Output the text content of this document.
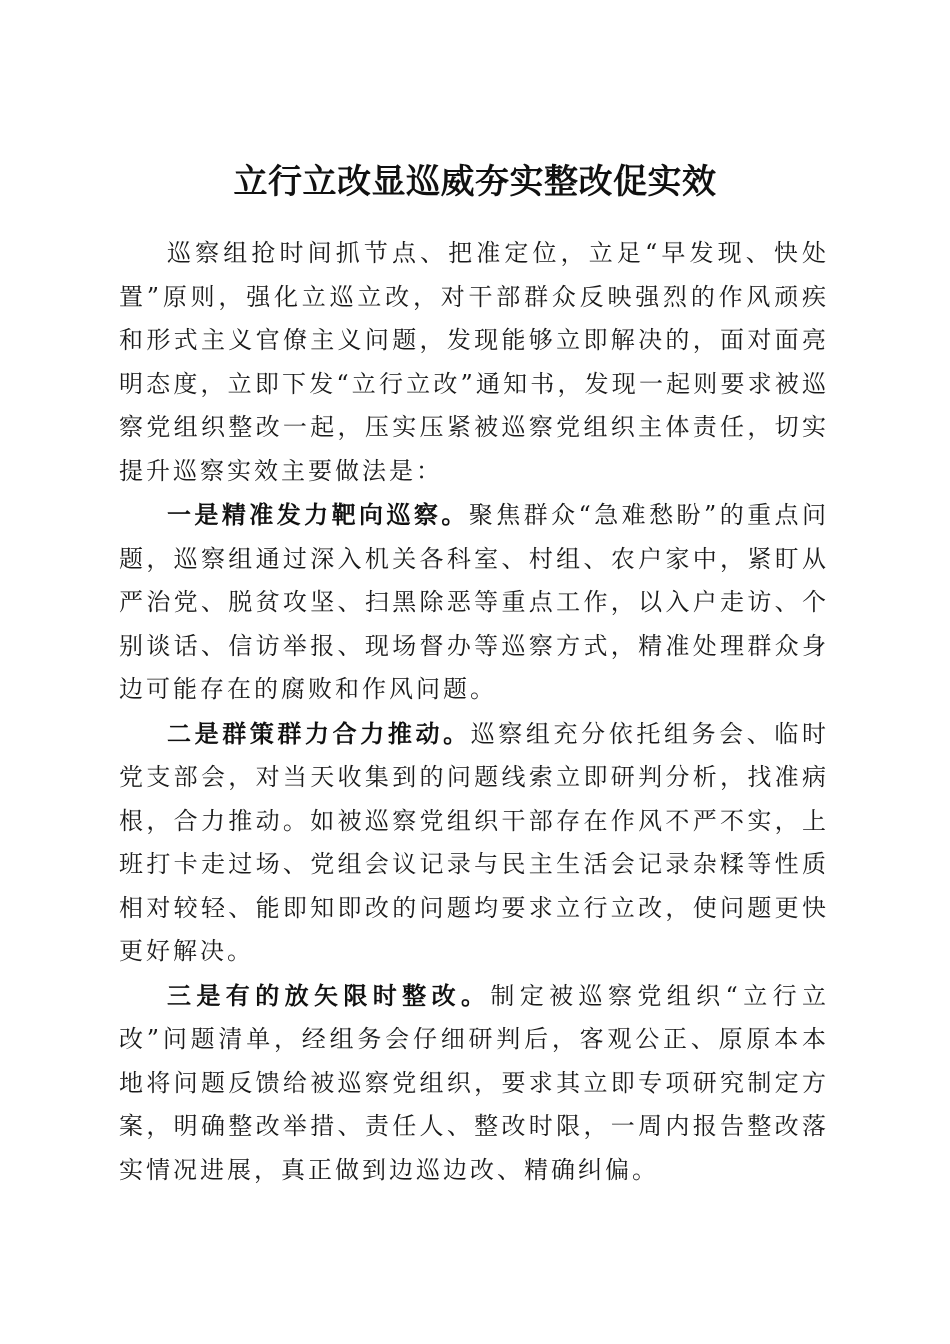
立行立改显巡威夯实整改促实效

巡察组抢时间抓节点、把准定位，立足“早发现、快处置”原则，强化立巡立改，对干部群众反映强烈的作风顽疾和形式主义官僚主义问题，发现能够立即解决的，面对面亮明态度，立即下发“立行立改”通知书，发现一起则要求被巡察党组织整改一起，压实压紧被巡察党组织主体责任，切实提升巡察实效主要做法是：

一是精准发力靶向巡察。聚焦群众“急难愁盼”的重点问题，巡察组通过深入机关各科室、村组、农户家中，紧盯从严治党、脱贫攻坚、扫黑除恶等重点工作，以入户走访、个别谈话、信访举报、现场督办等巡察方式，精准处理群众身边可能存在的腐败和作风问题。

二是群策群力合力推动。巡察组充分依托组务会、临时党支部会，对当天收集到的问题线索立即研判分析，找准病根，合力推动。如被巡察党组织干部存在作风不严不实，上班打卡走过场、党组会议记录与民主生活会记录杂糅等性质相对较轻、能即知即改的问题均要求立行立改，使问题更快更好解决。

三是有的放矢限时整改。制定被巡察党组织“立行立改”问题清单，经组务会仔细研判后，客观公正、原原本本地将问题反馈给被巡察党组织，要求其立即专项研究制定方案，明确整改举措、责任人、整改时限，一周内报告整改落实情况进展，真正做到边巡边改、精确纠偏。
